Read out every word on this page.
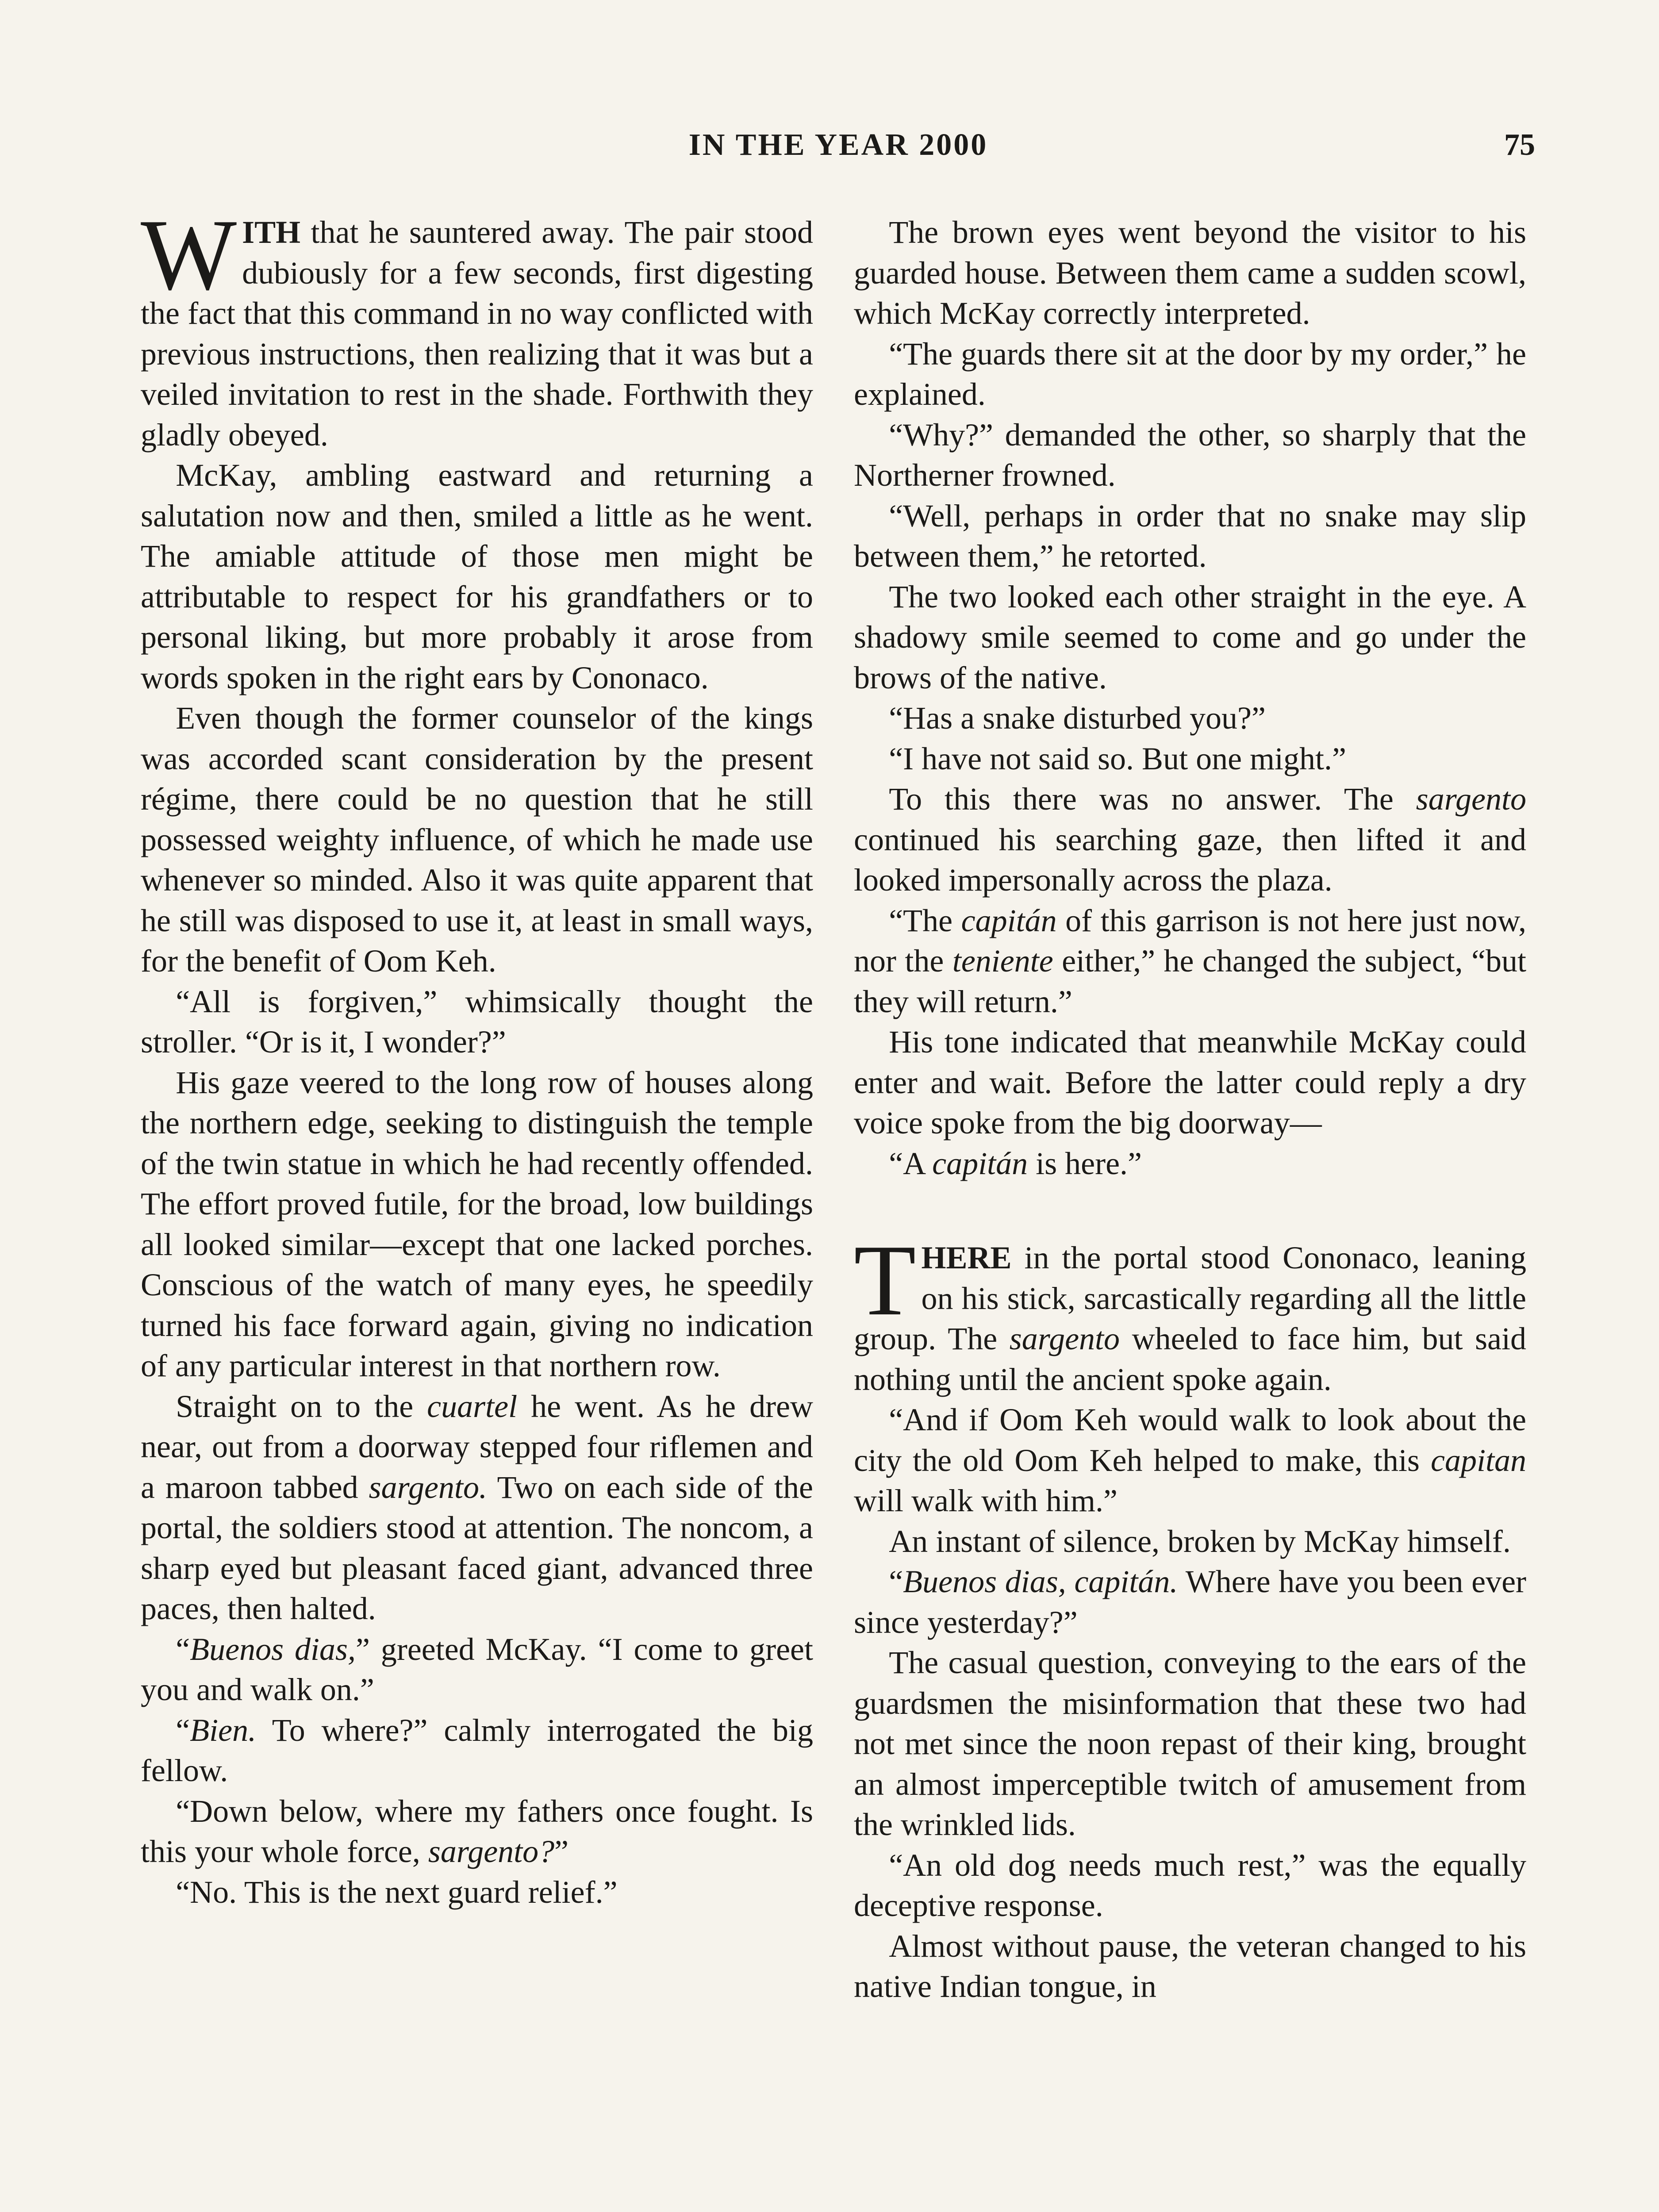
IN THE YEAR 2000	75

WITH that he sauntered away. The pair stood dubiously for a few seconds, first digesting the fact that this command in no way conflicted with previous instructions, then realizing that it was but a veiled invitation to rest in the shade. Forthwith they gladly obeyed.

McKay, ambling eastward and returning a salutation now and then, smiled a little as he went. The amiable attitude of those men might be attributable to respect for his grandfathers or to personal liking, but more probably it arose from words spoken in the right ears by Cononaco.

Even though the former counselor of the kings was accorded scant consideration by the present régime, there could be no question that he still possessed weighty influence, of which he made use whenever so minded. Also it was quite apparent that he still was disposed to use it, at least in small ways, for the benefit of Oom Keh.

“All is forgiven,” whimsically thought the stroller. “Or is it, I wonder?”

His gaze veered to the long row of houses along the northern edge, seeking to distinguish the temple of the twin statue in which he had recently offended. The effort proved futile, for the broad, low buildings all looked similar—except that one lacked porches. Conscious of the watch of many eyes, he speedily turned his face forward again, giving no indication of any particular interest in that northern row.

Straight on to the cuartel he went. As he drew near, out from a doorway stepped four riflemen and a maroon tabbed sargento. Two on each side of the portal, the soldiers stood at attention. The noncom, a sharp eyed but pleasant faced giant, advanced three paces, then halted.

“Buenos dias,” greeted McKay. “I come to greet you and walk on.”

“Bien. To where?” calmly interrogated the big fellow.

“Down below, where my fathers once fought. Is this your whole force, sargento?”

“No. This is the next guard relief.”

The brown eyes went beyond the visitor to his guarded house. Between them came a sudden scowl, which McKay correctly interpreted.

“The guards there sit at the door by my order,” he explained.

“Why?” demanded the other, so sharply that the Northerner frowned.

“Well, perhaps in order that no snake may slip between them,” he retorted.

The two looked each other straight in the eye. A shadowy smile seemed to come and go under the brows of the native.

“Has a snake disturbed you?”

“I have not said so. But one might.”

To this there was no answer. The sargento continued his searching gaze, then lifted it and looked impersonally across the plaza.

“The capitán of this garrison is not here just now, nor the teniente either,” he changed the subject, “but they will return.”

His tone indicated that meanwhile McKay could enter and wait. Before the latter could reply a dry voice spoke from the big doorway—

“A capitán is here.”

THERE in the portal stood Cononaco, leaning on his stick, sarcastically regarding all the little group. The sargento wheeled to face him, but said nothing until the ancient spoke again.

“And if Oom Keh would walk to look about the city the old Oom Keh helped to make, this capitan will walk with him.”

An instant of silence, broken by McKay himself.

“Buenos dias, capitán. Where have you been ever since yesterday?”

The casual question, conveying to the ears of the guardsmen the misinformation that these two had not met since the noon repast of their king, brought an almost imperceptible twitch of amusement from the wrinkled lids.

“An old dog needs much rest,” was the equally deceptive response.

Almost without pause, the veteran changed to his native Indian tongue, in
